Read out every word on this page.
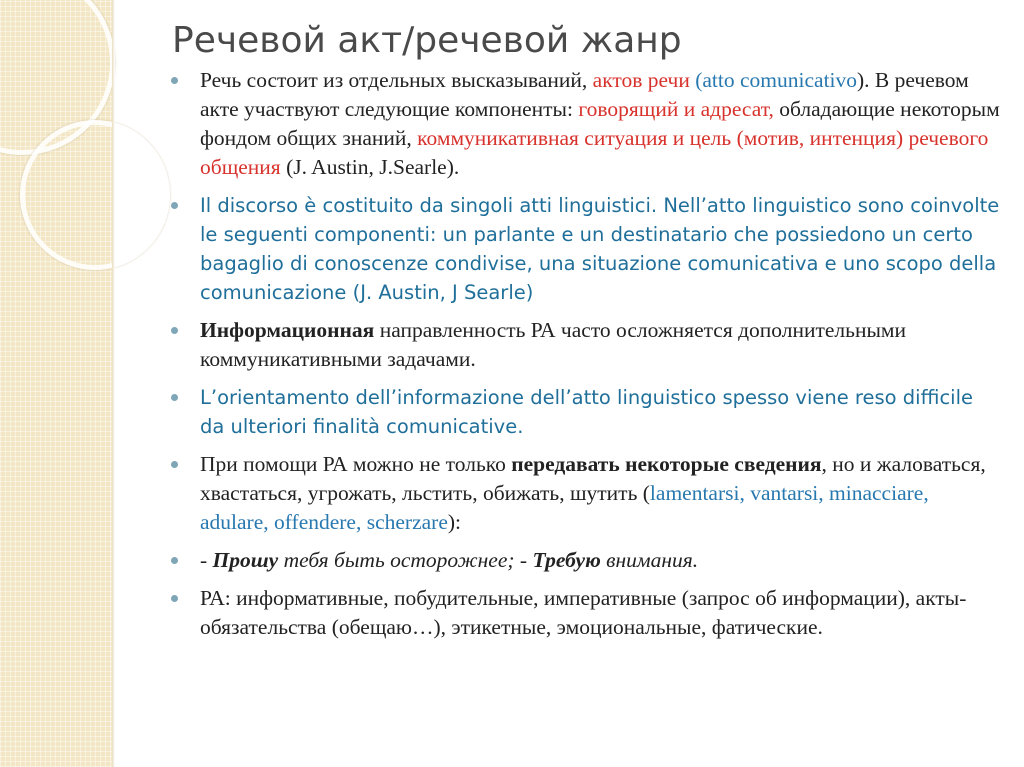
Речевой акт/речевой жанр
Речь состоит из отдельных высказываний, актов речи (atto comunicativo). В речевом акте участвуют следующие компоненты: говорящий и адресат, обладающие некоторым фондом общих знаний, коммуникативная ситуация и цель (мотив, интенция) речевого общения (J. Austin, J.Searle).
Il discorso è costituito da singoli atti linguistici. Nell’atto linguistico sono coinvolte le seguenti componenti: un parlante e un destinatario che possiedono un certo bagaglio di conoscenze condivise, una situazione comunicativa e uno scopo della comunicazione (J. Austin, J Searle)
Информационная направленность РА часто осложняется дополнительными коммуникативными задачами.
L’orientamento dell’informazione dell’atto linguistico spesso viene reso difficile da ulteriori finalità comunicative.
При помощи РА можно не только передавать некоторые сведения, но и жаловаться, хвастаться, угрожать, льстить, обижать, шутить (lamentarsi, vantarsi, minacciare, adulare, offendere, scherzare):
- Прошу тебя быть осторожнее; - Требую внимания.
РА: информативные, побудительные, императивные (запрос об информации), акты-обязательства (обещаю…), этикетные, эмоциональные, фатические.
